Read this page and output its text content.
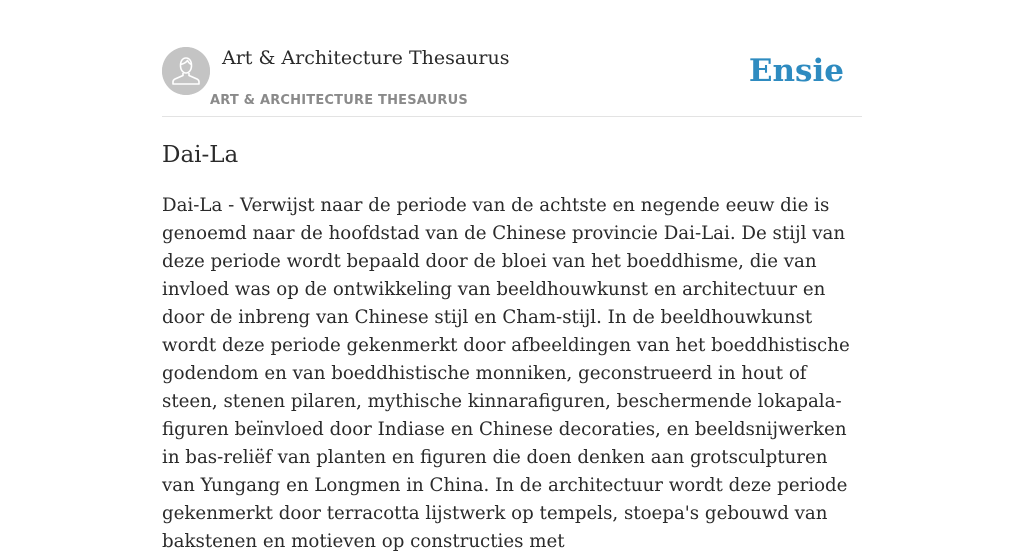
Art & Architecture Thesaurus
ART & ARCHITECTURE THESAURUS
Ensie
Dai-La

Dai-La - Verwijst naar de periode van de achtste en negende eeuw die is genoemd naar de hoofdstad van de Chinese provincie Dai-Lai. De stijl van deze periode wordt bepaald door de bloei van het boeddhisme, die van invloed was op de ontwikkeling van beeldhouwkunst en architectuur en door de inbreng van Chinese stijl en Cham-stijl. In de beeldhouwkunst wordt deze periode gekenmerkt door afbeeldingen van het boeddhistische godendom en van boeddhistische monniken, geconstrueerd in hout of steen, stenen pilaren, mythische kinnarafiguren, beschermende lokapala-figuren beïnvloed door Indiase en Chinese decoraties, en beeldsnijwerken in bas-reliëf van planten en figuren die doen denken aan grotsculpturen van Yungang en Longmen in China. In de architectuur wordt deze periode gekenmerkt door terracotta lijstwerk op tempels, stoepa's gebouwd van bakstenen en motieven op constructies met
